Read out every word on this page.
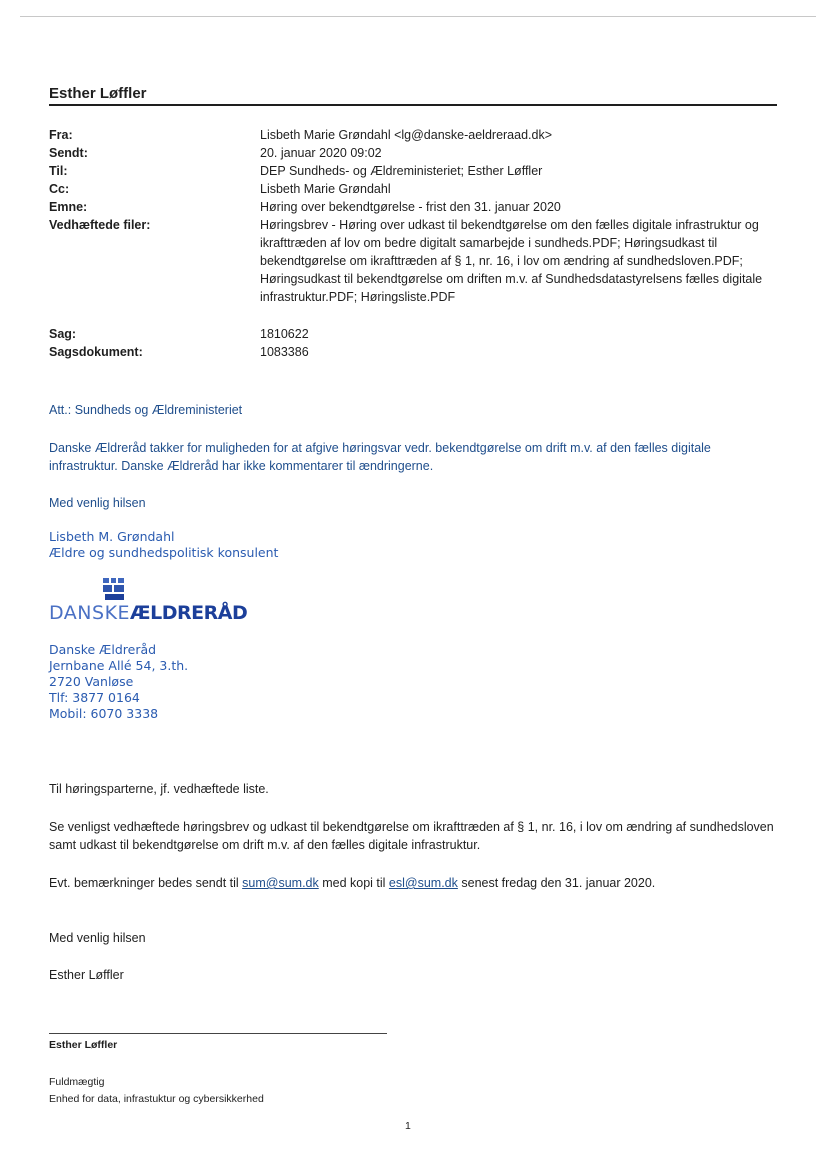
Esther Løffler
Fra:	Lisbeth Marie Grøndahl <lg@danske-aeldreraad.dk>
Sendt:	20. januar 2020 09:02
Til:	DEP Sundheds- og Ældreministeriet; Esther Løffler
Cc:	Lisbeth Marie Grøndahl
Emne:	Høring over bekendtgørelse - frist den 31. januar 2020
Vedhæftede filer:	Høringsbrev - Høring over udkast til bekendtgørelse om den fælles digitale infrastruktur og ikrafttræden af lov om bedre digitalt samarbejde i sundheds.PDF; Høringsudkast til bekendtgørelse om ikrafttræden af § 1, nr. 16, i lov om ændring af sundhedsloven.PDF; Høringsudkast til bekendtgørelse om driften m.v. af Sundhedsdatastyrelsens fælles digitale infrastruktur.PDF; Høringsliste.PDF
Sag:	1810622
Sagsdokument:	1083386
Att.: Sundheds og Ældreministeriet
Danske Ældreråd takker for muligheden for at afgive høringsvar vedr. bekendtgørelse om drift m.v. af den fælles digitale infrastruktur. Danske Ældreråd har ikke kommentarer til ændringerne.
Med venlig hilsen
Lisbeth M. Grøndahl
Ældre og sundhedspolitisk konsulent
DANSKEÆLDRERÅD
Danske Ældreråd
Jernbane Allé 54, 3.th.
2720 Vanløse
Tlf: 3877 0164
Mobil: 6070 3338
Til høringsparterne, jf. vedhæftede liste.
Se venligst vedhæftede høringsbrev og udkast til bekendtgørelse om ikrafttræden af § 1, nr. 16, i lov om ændring af sundhedsloven samt udkast til bekendtgørelse om drift m.v. af den fælles digitale infrastruktur.
Evt. bemærkninger bedes sendt til sum@sum.dk med kopi til esl@sum.dk senest fredag den 31. januar 2020.
Med venlig hilsen
Esther Løffler
Esther Løffler
Fuldmægtig
Enhed for data, infrastuktur og cybersikkerhed
1
